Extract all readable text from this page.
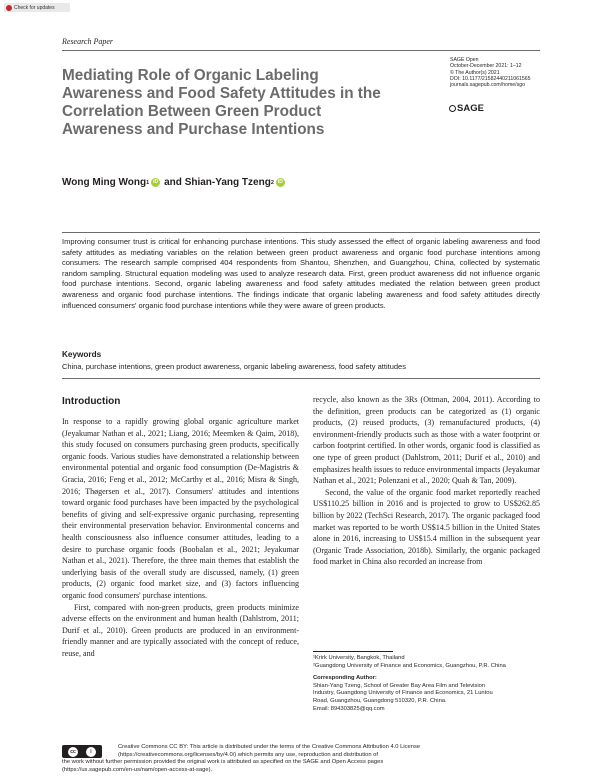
Check for updates
Research Paper
Mediating Role of Organic Labeling Awareness and Food Safety Attitudes in the Correlation Between Green Product Awareness and Purchase Intentions
SAGE Open
October-December 2021: 1–12
© The Author(s) 2021
DOI: 10.1177/21582440211061565
journals.sagepub.com/home/sgo
SAGE
Wong Ming Wong 1 iD and
Shian-Yang Tzeng 2 iD

Improving consumer trust is critical for enhancing purchase intentions. This study assessed the effect of organic labeling awareness and food safety attitudes as mediating variables on the relation between green product awareness and organic food purchase intentions among consumers. The research sample comprised 404 respondents from Shantou, Shenzhen, and Guangzhou, China, collected by systematic random sampling. Structural equation modeling was used to analyze research data. First, green product awareness did not influence organic food purchase intentions. Second, organic labeling awareness and food safety attitudes mediated the relation between green product awareness and organic food purchase intentions. The findings indicate that organic labeling awareness and food safety attitudes directly influenced consumers' organic food purchase intentions while they were aware of green products.

Keywords
China, purchase intentions, green product awareness, organic labeling awareness, food safety attitudes
Introduction

In response to a rapidly growing global organic agriculture market (Jeyakumar Nathan et al., 2021; Liang, 2016; Meemken & Qaim, 2018), this study focused on consumers purchasing green products, specifically organic foods. Various studies have demonstrated a relationship between environmental potential and organic food consumption (De-Magistris & Gracia, 2016; Feng et al., 2012; McCarthy et al., 2016; Misra & Singh, 2016; Thøgersen et al., 2017). Consumers' attitudes and intentions toward organic food purchases have been impacted by the psychological benefits of giving and self-expressive organic purchasing, representing their environmental preservation behavior. Environmental concerns and health consciousness also influence consumer attitudes, leading to a desire to purchase organic foods (Boobalan et al., 2021; Jeyakumar Nathan et al., 2021). Therefore, the three main themes that establish the underlying basis of the overall study are discussed, namely, (1) green products, (2) organic food market size, and (3) factors influencing organic food consumers' purchase intentions.

First, compared with non-green products, green products minimize adverse effects on the environment and human health (Dahlstrom, 2011; Durif et al., 2010). Green products are produced in an environment-friendly manner and are typically associated with the concept of reduce, reuse, and

recycle, also known as the 3Rs (Ottman, 2004, 2011). According to the definition, green products can be categorized as (1) organic products, (2) reused products, (3) remanufactured products, (4) environment-friendly products such as those with a water footprint or carbon footprint certified. In other words, organic food is classified as one type of green product (Dahlstrom, 2011; Durif et al., 2010) and emphasizes health issues to reduce environmental impacts (Jeyakumar Nathan et al., 2021; Polenzani et al., 2020; Quah & Tan, 2009).

Second, the value of the organic food market reportedly reached US$110.25 billion in 2016 and is projected to grow to US$262.85 billion by 2022 (TechSci Research, 2017). The organic packaged food market was reported to be worth US$14.5 billion in the United States alone in 2016, increasing to US$15.4 million in the subsequent year (Organic Trade Association, 2018b). Similarly, the organic packaged food market in China also recorded an increase from

¹Krirk University, Bangkok, Thailand
²Guangdong University of Finance and Economics, Guangzhou, P.R. China
Corresponding Author:
Shian-Yang Tzeng, School of Greater Bay Area Film and Television
Industry, Guangdong University of Finance and Economics, 21 Luntou
Road, Guangzhou, Guangdong 510320, P.R. China.
Email: 894303825@qq.com
cc	i
Creative Commons CC BY: This article is distributed under the terms of the Creative Commons Attribution 4.0 License
(https://creativecommons.org/licenses/by/4.0/) which permits any use, reproduction and distribution of
the work without further permission provided the original work is attributed as specified on the SAGE and Open Access pages
(https://us.sagepub.com/en-us/nam/open-access-at-sage).
